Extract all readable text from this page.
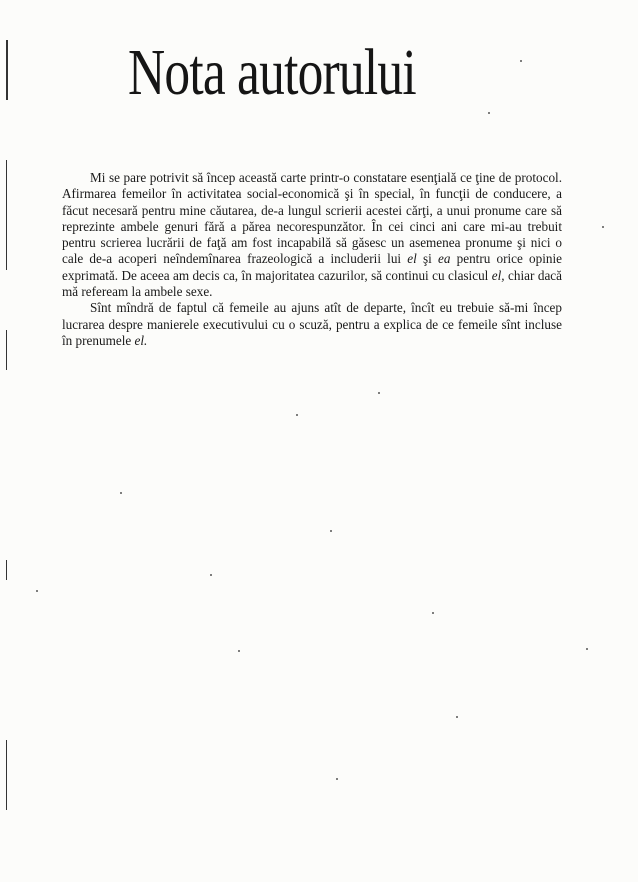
Nota autorului

Mi se pare potrivit să încep această carte printr-o constatare esenţială ce ţine de protocol. Afirmarea femeilor în activitatea social-economică şi în special, în funcţii de conducere, a făcut necesară pentru mine căutarea, de-a lungul scrierii acestei cărţi, a unui pronume care să reprezinte ambele genuri fără a părea necorespunzător. În cei cinci ani care mi-au trebuit pentru scrierea lucrării de faţă am fost incapabilă să găsesc un asemenea pronume şi nici o cale de-a acoperi neîndemînarea frazeologică a includerii lui el şi ea pentru orice opinie exprimată. De aceea am decis ca, în majoritatea cazurilor, să continui cu clasicul el, chiar dacă mă refeream la ambele sexe.

Sînt mîndră de faptul că femeile au ajuns atît de departe, încît eu trebuie să-mi încep lucrarea despre manierele executivului cu o scuză, pentru a explica de ce femeile sînt incluse în prenumele el.
